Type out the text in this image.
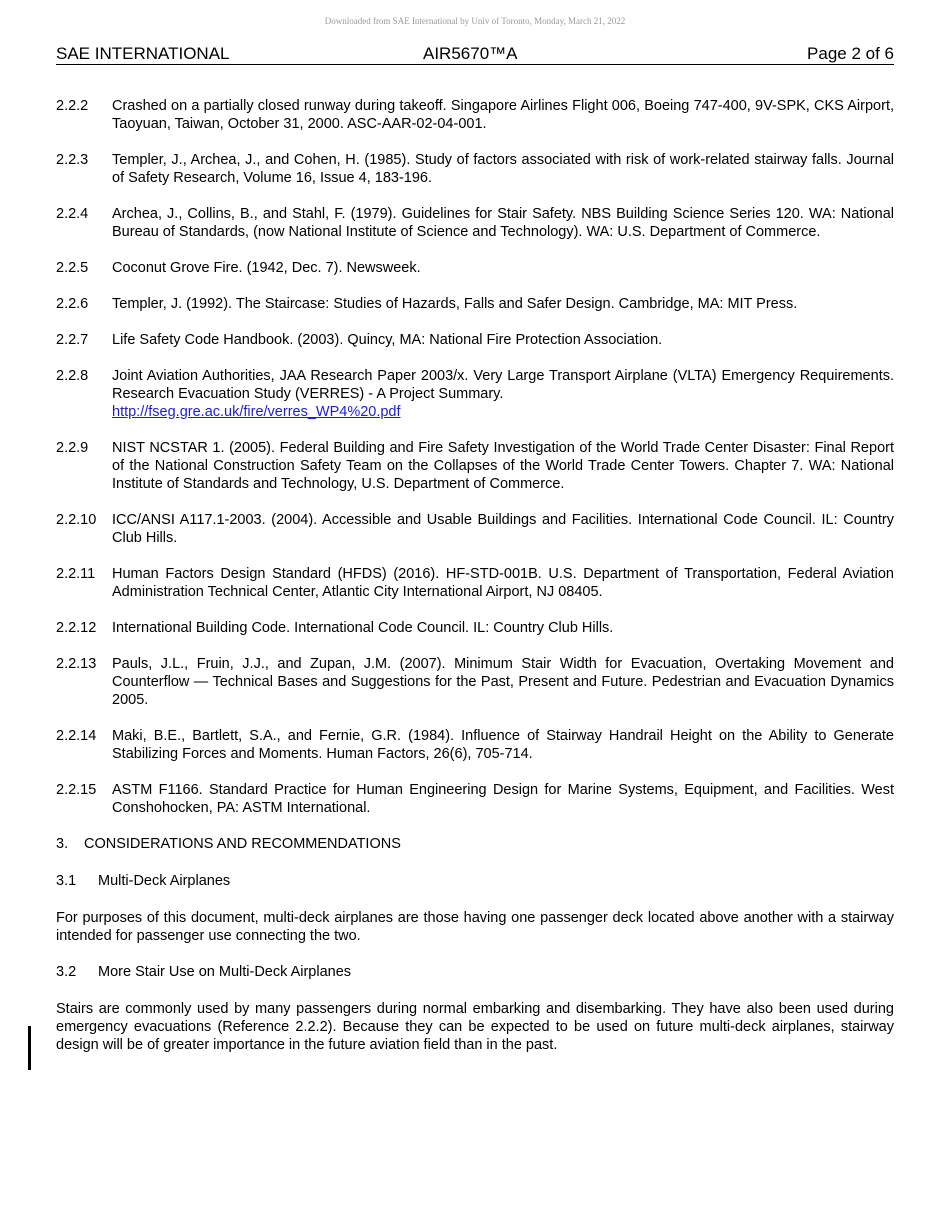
Downloaded from SAE International by Univ of Toronto, Monday, March 21, 2022
SAE INTERNATIONAL	AIR5670™A	Page 2 of 6
2.2.2	Crashed on a partially closed runway during takeoff. Singapore Airlines Flight 006, Boeing 747-400, 9V-SPK, CKS Airport, Taoyuan, Taiwan, October 31, 2000. ASC-AAR-02-04-001.
2.2.3	Templer, J., Archea, J., and Cohen, H. (1985). Study of factors associated with risk of work-related stairway falls. Journal of Safety Research, Volume 16, Issue 4, 183-196.
2.2.4	Archea, J., Collins, B., and Stahl, F. (1979). Guidelines for Stair Safety. NBS Building Science Series 120. WA: National Bureau of Standards, (now National Institute of Science and Technology). WA: U.S. Department of Commerce.
2.2.5	Coconut Grove Fire. (1942, Dec. 7). Newsweek.
2.2.6	Templer, J. (1992). The Staircase: Studies of Hazards, Falls and Safer Design. Cambridge, MA: MIT Press.
2.2.7	Life Safety Code Handbook. (2003). Quincy, MA: National Fire Protection Association.
2.2.8	Joint Aviation Authorities, JAA Research Paper 2003/x. Very Large Transport Airplane (VLTA) Emergency Requirements. Research Evacuation Study (VERRES) - A Project Summary.
http://fseg.gre.ac.uk/fire/verres_WP4%20.pdf
2.2.9	NIST NCSTAR 1. (2005). Federal Building and Fire Safety Investigation of the World Trade Center Disaster: Final Report of the National Construction Safety Team on the Collapses of the World Trade Center Towers. Chapter 7. WA: National Institute of Standards and Technology, U.S. Department of Commerce.
2.2.10	ICC/ANSI A117.1-2003. (2004). Accessible and Usable Buildings and Facilities. International Code Council. IL: Country Club Hills.
2.2.11	Human Factors Design Standard (HFDS) (2016). HF-STD-001B. U.S. Department of Transportation, Federal Aviation Administration Technical Center, Atlantic City International Airport, NJ 08405.
2.2.12	International Building Code. International Code Council. IL: Country Club Hills.
2.2.13	Pauls, J.L., Fruin, J.J., and Zupan, J.M. (2007). Minimum Stair Width for Evacuation, Overtaking Movement and Counterflow — Technical Bases and Suggestions for the Past, Present and Future. Pedestrian and Evacuation Dynamics 2005.
2.2.14	Maki, B.E., Bartlett, S.A., and Fernie, G.R. (1984). Influence of Stairway Handrail Height on the Ability to Generate Stabilizing Forces and Moments. Human Factors, 26(6), 705-714.
2.2.15	ASTM F1166. Standard Practice for Human Engineering Design for Marine Systems, Equipment, and Facilities. West Conshohocken, PA: ASTM International.
3.	CONSIDERATIONS AND RECOMMENDATIONS
3.1	Multi-Deck Airplanes
For purposes of this document, multi-deck airplanes are those having one passenger deck located above another with a stairway intended for passenger use connecting the two.
3.2	More Stair Use on Multi-Deck Airplanes
Stairs are commonly used by many passengers during normal embarking and disembarking. They have also been used during emergency evacuations (Reference 2.2.2). Because they can be expected to be used on future multi-deck airplanes, stairway design will be of greater importance in the future aviation field than in the past.
